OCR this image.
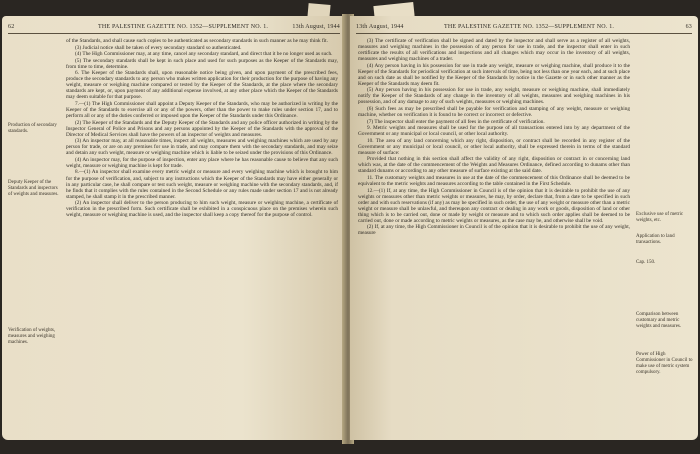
62	THE PALESTINE GAZETTE NO. 1352—SUPPLEMENT NO. 1.	13th August, 1944
Production of secondary standards.
Deputy Keeper of the Standards and inspectors of weights and measures.
Verification of weights, measures and weighing machines.

of the Standards, and shall cause such copies to be authenticated as secondary standards in such manner as he may think fit.

(3) Judicial notice shall be taken of every secondary standard so authenticated.

(4) The High Commissioner may, at any time, cancel any secondary standard, and direct that it be no longer used as such.

(5) The secondary standards shall be kept in such place and used for such purposes as the Keeper of the Standards may, from time to time, determine.

6. The Keeper of the Standards shall, upon reasonable notice being given, and upon payment of the prescribed fees, produce the secondary standards to any person who makes written application for their production for the purpose of having any weight, measure or weighing machine compared or tested by the Keeper of the Standards, at the place where the secondary standards are kept, or, upon payment of any additional expense involved, at any other place which the Keeper of the Standards may deem suitable for that purpose.

7.—(1) The High Commissioner shall appoint a Deputy Keeper of the Standards, who may be authorized in writing by the Keeper of the Standards to exercise all or any of the powers, other than the power to make rules under section 17, and to perform all or any of the duties conferred or imposed upon the Keeper of the Standards under this Ordinance.

(2) The Keeper of the Standards and the Deputy Keeper of the Standards and any police officer authorized in writing by the Inspector General of Police and Prisons and any persons appointed by the Keeper of the Standards with the approval of the Director of Medical Services shall have the powers of an inspector of weights and measures.

(3) An inspector may, at all reasonable times, inspect all weights, measures and weighing machines which are used by any person for trade, or are on any premises for use in trade, and may compare them with the secondary standards, and may seize and detain any such weight, measure or weighing machine which is liable to be seized under the provisions of this Ordinance.

(4) An inspector may, for the purpose of inspection, enter any place where he has reasonable cause to believe that any such weight, measure or weighing machine is kept for trade.

8.—(1) An inspector shall examine every metric weight or measure and every weighing machine which is brought to him for the purpose of verification, and, subject to any instructions which the Keeper of the Standards may have either generally or in any particular case, he shall compare or test such weight, measure or weighing machine with the secondary standards, and, if he finds that it complies with the rules contained in the Second Schedule or any rules made under section 17 and is not already stamped, he shall stamp it in the prescribed manner.

(2) An inspector shall deliver to the person producing to him such weight, measure or weighing machine, a certificate of verification in the prescribed form. Such certificate shall be exhibited in a conspicuous place on the premises wherein such weight, measure or weighing machine is used, and the inspector shall keep a copy thereof for the purpose of control.

13th August, 1944	THE PALESTINE GAZETTE NO. 1352—SUPPLEMENT NO. 1.	63

(3) The certificate of verification shall be signed and dated by the inspector and shall serve as a register of all weights, measures and weighing machines in the possession of any person for use in trade, and the inspector shall enter in such certificate the results of all verifications and inspections and all changes which may occur in the inventory of all weights, measures and weighing machines of a trader.

(4) Any person having in his possession for use in trade any weight, measure or weighing machine, shall produce it to the Keeper of the Standards for periodical verification at such intervals of time, being not less than one year each, and at such place and on such date as shall be notified by the Keeper of the Standards by notice in the Gazette or in such other manner as the Keeper of the Standards may deem fit.

(5) Any person having in his possession for use in trade, any weight, measure or weighing machine, shall immediately notify the Keeper of the Standards of any change in the inventory of all weights, measures and weighing machines in his possession, and of any damage to any of such weights, measures or weighing machines.

(6) Such fees as may be prescribed shall be payable for verification and stamping of any weight, measure or weighing machine, whether on verification it is found to be correct or incorrect or defective.

(7) The inspector shall enter the payment of all fees in the certificate of verification.

9. Metric weights and measures shall be used for the purpose of all transactions entered into by any department of the Government or any municipal or local council, or other local authority.

10. The area of any land concerning which any right, disposition, or contract shall be recorded in any register of the Government or any municipal or local council, or other local authority, shall be expressed therein in terms of the standard measure of surface:

Provided that nothing in this section shall affect the validity of any right, disposition or contract in or concerning land which was, at the date of the commencement of the Weights and Measures Ordinance, defined according to dunams other than standard dunams or according to any other measure of surface existing at the said date.

11. The customary weights and measures in use at the date of the commencement of this Ordinance shall be deemed to be equivalent to the metric weights and measures according to the table contained in the First Schedule.

12.—(1) If, at any time, the High Commissioner in Council is of the opinion that it is desirable to prohibit the use of any weights or measures other than metric weights or measures, he may, by order, declare that, from a date to be specified in such order and with such reservations (if any) as may be specified in such order, the use of any weight or measure other than a metric weight or measure shall be unlawful, and thereupon any contract or dealing in any work or goods, disposition of land or other thing which is to be carried out, done or made by weight or measure and to which such order applies shall be deemed to be carried out, done or made according to metric weights or measures, as the case may be, and otherwise shall be void.

(2) If, at any time, the High Commissioner in Council is of the opinion that it is desirable to prohibit the use of any weight, measure

Exclusive use of metric weights, etc.
Application to land transactions.
Cap. 150.
Comparison between customary and metric weights and measures.
Power of High Commissioner in Council to make use of metric system compulsory.
